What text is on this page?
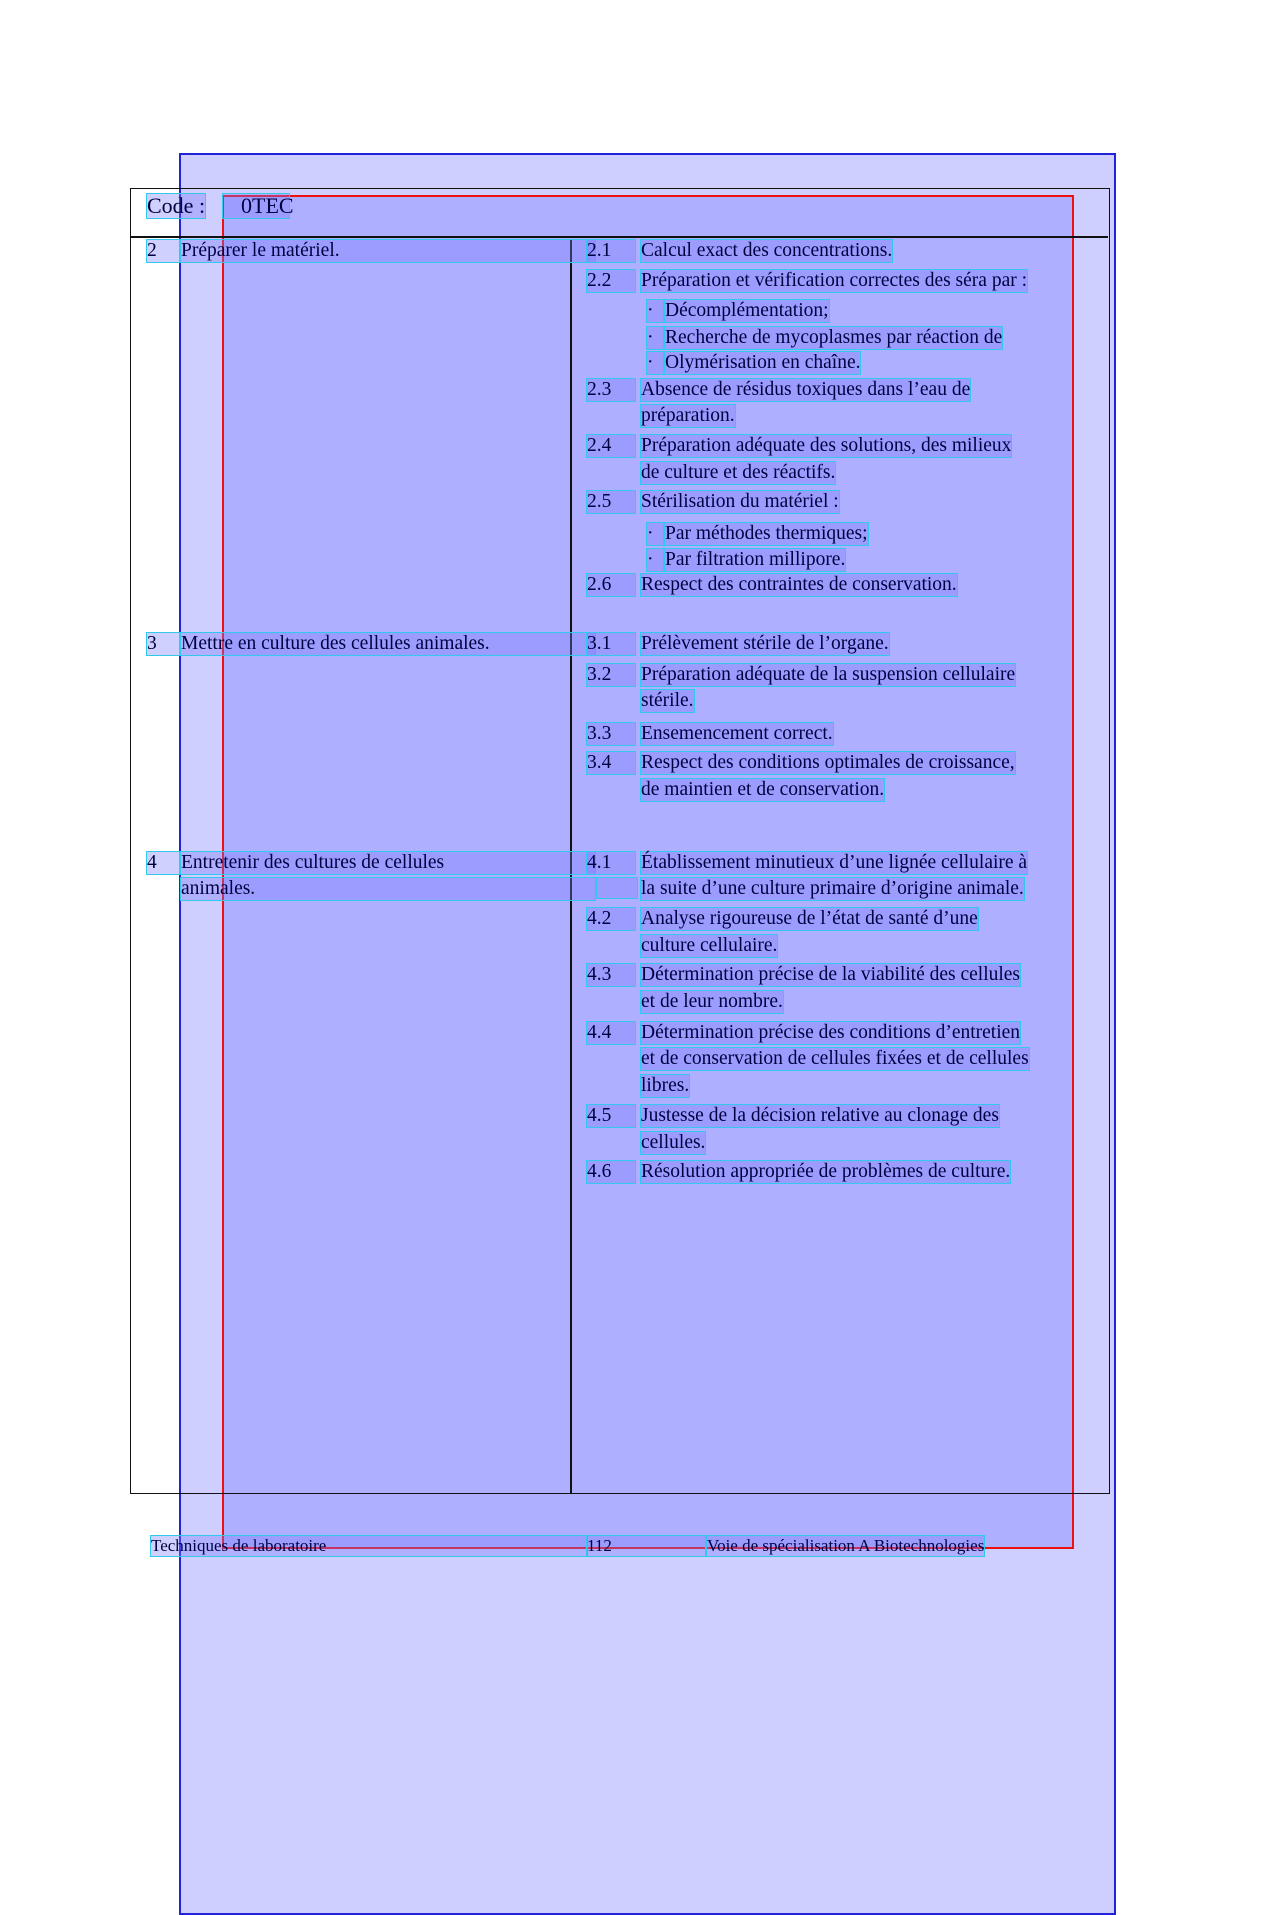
Code :	0TEC
2	Préparer le matériel.	2.1	Calcul exact des concentrations.
2.2	Préparation et vérification correctes des séra par :
· Décomplémentation;
· Recherche de mycoplasmes par réaction de
· Olymérisation en chaîne.
2.3	Absence de résidus toxiques dans l’eau de
préparation.
2.4	Préparation adéquate des solutions, des milieux
de culture et des réactifs.
2.5	Stérilisation du matériel :
· Par méthodes thermiques;
· Par filtration millipore.
2.6	Respect des contraintes de conservation.
3	Mettre en culture des cellules animales.	3.1	Prélèvement stérile de l’organe.
3.2	Préparation adéquate de la suspension cellulaire
stérile.
3.3	Ensemencement correct.
3.4	Respect des conditions optimales de croissance,
de maintien et de conservation.
4	Entretenir des cultures de cellules
animales.
4.1	Établissement minutieux d’une lignée cellulaire à
la suite d’une culture primaire d’origine animale.
4.2	Analyse rigoureuse de l’état de santé d’une
culture cellulaire.
4.3	Détermination précise de la viabilité des cellules
et de leur nombre.
4.4	Détermination précise des conditions d’entretien
et de conservation de cellules fixées et de cellules
libres.
4.5	Justesse de la décision relative au clonage des
cellules.
4.6	Résolution appropriée de problèmes de culture.
Techniques de laboratoire	112	Voie de spécialisation A Biotechnologies
